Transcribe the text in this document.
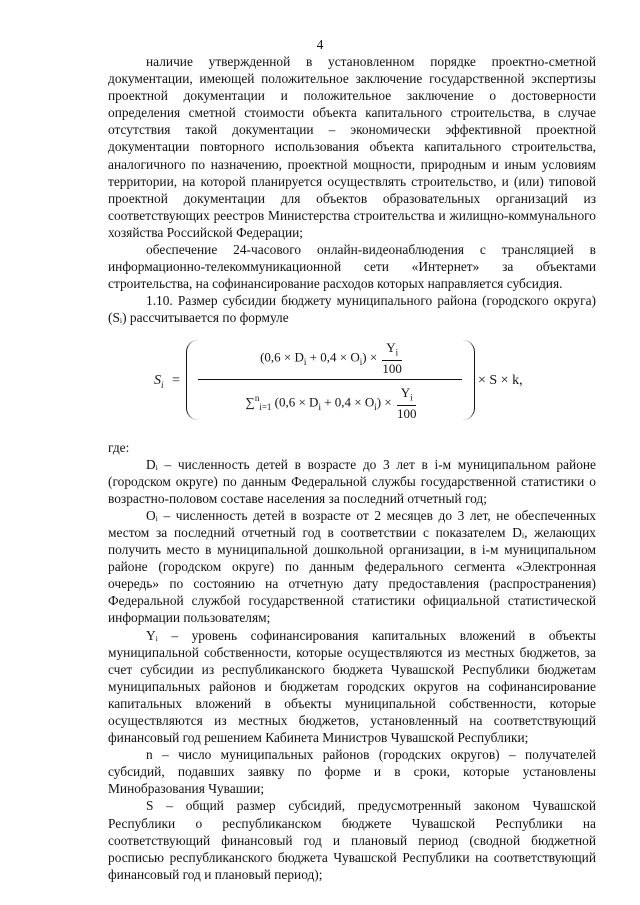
4

наличие утвержденной в установленном порядке проектно-сметной документации, имеющей положительное заключение государственной экспертизы проектной документации и положительное заключение о достоверности определения сметной стоимости объекта капитального строительства, в случае отсутствия такой документации – экономически эффективной проектной документации повторного использования объекта капитального строительства, аналогичного по назначению, проектной мощности, природным и иным условиям территории, на которой планируется осуществлять строительство, и (или) типовой проектной документации для объектов образовательных организаций из соответствующих реестров Министерства строительства и жилищно-коммунального хозяйства Российской Федерации;

обеспечение 24-часового онлайн-видеонаблюдения с трансляцией в информационно-телекоммуникационной сети «Интернет» за объектами строительства, на софинансирование расходов которых направляется субсидия.

1.10. Размер субсидии бюджету муниципального района (городского округа) (Sᵢ) рассчитывается по формуле

$S_i$ =
$(0,6 \times D_i + 0,4 \times O_i) \times \frac{Y_i}{100}$
∑$^n_{i=1}$ $(0,6 \times D_i + 0,4 \times O_i) \times \frac{Y_i}{100}$
× S × k,

где:

Dᵢ – численность детей в возрасте до 3 лет в i-м муниципальном районе (городском округе) по данным Федеральной службы государственной статистики о возрастно-половом составе населения за последний отчетный год;

Oᵢ – численность детей в возрасте от 2 месяцев до 3 лет, не обеспеченных местом за последний отчетный год в соответствии с показателем Dᵢ, желающих получить место в муниципальной дошкольной организации, в i-м муниципальном районе (городском округе) по данным федерального сегмента «Электронная очередь» по состоянию на отчетную дату предоставления (распространения) Федеральной службой государственной статистики официальной статистической информации пользователям;

Yᵢ – уровень софинансирования капитальных вложений в объекты муниципальной собственности, которые осуществляются из местных бюджетов, за счет субсидии из республиканского бюджета Чувашской Республики бюджетам муниципальных районов и бюджетам городских округов на софинансирование капитальных вложений в объекты муниципальной собственности, которые осуществляются из местных бюджетов, установленный на соответствующий финансовый год решением Кабинета Министров Чувашской Республики;

n – число муниципальных районов (городских округов) – получателей субсидий, подавших заявку по форме и в сроки, которые установлены Минобразования Чувашии;

S – общий размер субсидий, предусмотренный законом Чувашской Республики о республиканском бюджете Чувашской Республики на соответствующий финансовый год и плановый период (сводной бюджетной росписью республиканского бюджета Чувашской Республики на соответствующий финансовый год и плановый период);
